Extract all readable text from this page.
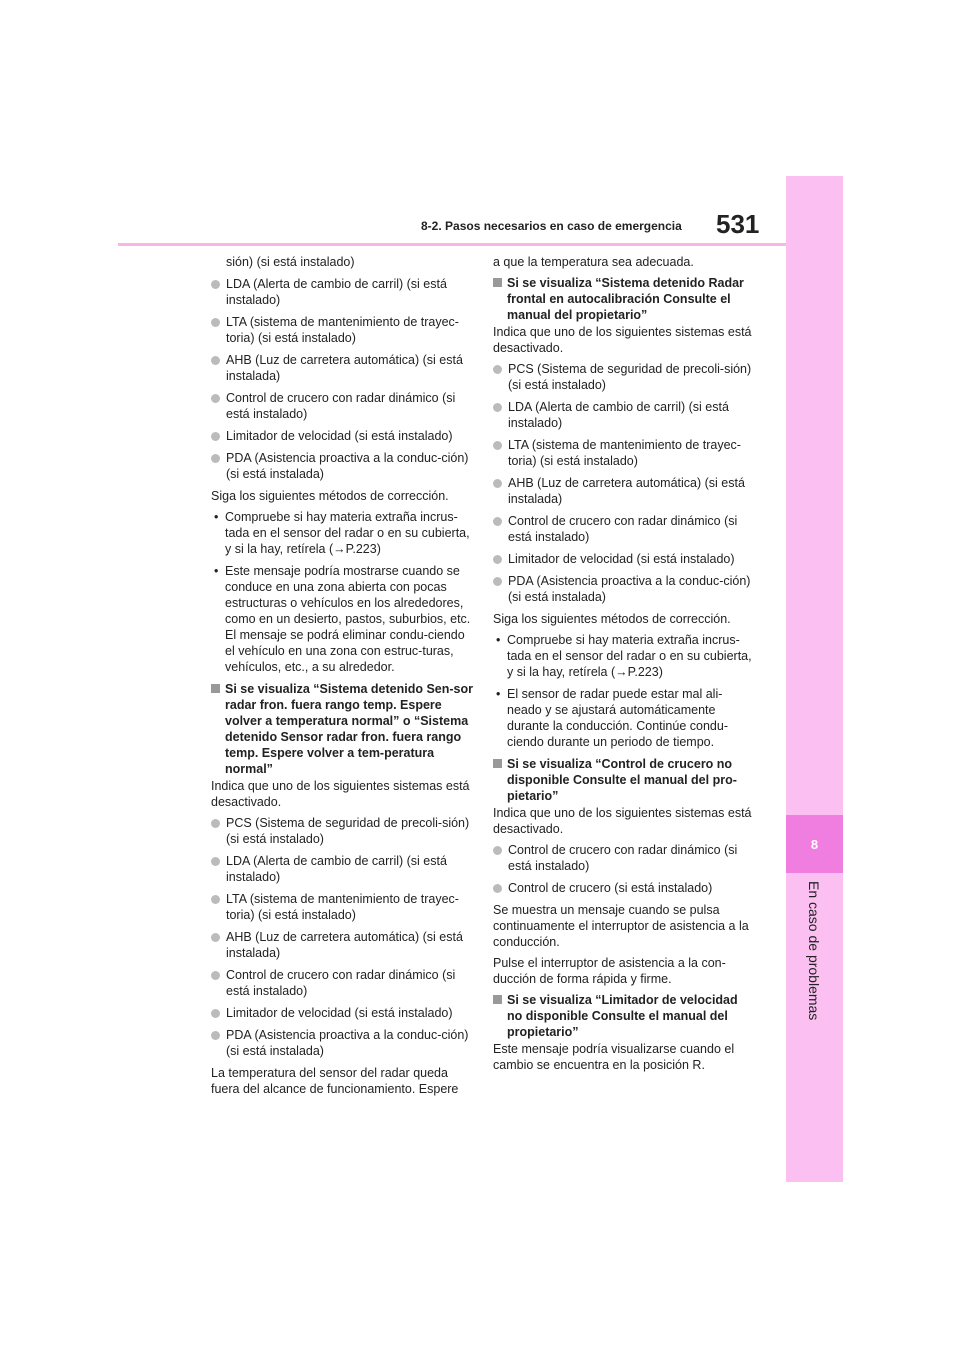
8
En caso de problemas
8-2. Pasos necesarios en caso de emergencia 531
sión) (si está instalado)
LDA (Alerta de cambio de carril) (si está instalado)
LTA (sistema de mantenimiento de trayec-toria) (si está instalado)
AHB (Luz de carretera automática) (si está instalada)
Control de crucero con radar dinámico (si está instalado)
Limitador de velocidad (si está instalado)
PDA (Asistencia proactiva a la conduc-ción) (si está instalada)
Siga los siguientes métodos de corrección.
• Compruebe si hay materia extraña incrus-tada en el sensor del radar o en su cubierta, y si la hay, retírela (→P.223)
• Este mensaje podría mostrarse cuando se conduce en una zona abierta con pocas estructuras o vehículos en los alrededores, como en un desierto, pastos, suburbios, etc. El mensaje se podrá eliminar condu-ciendo el vehículo en una zona con estruc-turas, vehículos, etc., a su alrededor.
Si se visualiza “Sistema detenido Sen-sor radar fron. fuera rango temp. Espere volver a temperatura normal” o “Sistema detenido Sensor radar fron. fuera rango temp. Espere volver a tem-peratura normal”
Indica que uno de los siguientes sistemas está desactivado.
PCS (Sistema de seguridad de precoli-sión) (si está instalado)
LDA (Alerta de cambio de carril) (si está instalado)
LTA (sistema de mantenimiento de trayec-toria) (si está instalado)
AHB (Luz de carretera automática) (si está instalada)
Control de crucero con radar dinámico (si está instalado)
Limitador de velocidad (si está instalado)
PDA (Asistencia proactiva a la conduc-ción) (si está instalada)
La temperatura del sensor del radar queda fuera del alcance de funcionamiento. Espere
a que la temperatura sea adecuada.
Si se visualiza “Sistema detenido Radar frontal en autocalibración Consulte el manual del propietario”
Indica que uno de los siguientes sistemas está desactivado.
PCS (Sistema de seguridad de precoli-sión) (si está instalado)
LDA (Alerta de cambio de carril) (si está instalado)
LTA (sistema de mantenimiento de trayec-toria) (si está instalado)
AHB (Luz de carretera automática) (si está instalada)
Control de crucero con radar dinámico (si está instalado)
Limitador de velocidad (si está instalado)
PDA (Asistencia proactiva a la conduc-ción) (si está instalada)
Siga los siguientes métodos de corrección.
• Compruebe si hay materia extraña incrus-tada en el sensor del radar o en su cubierta, y si la hay, retírela (→P.223)
• El sensor de radar puede estar mal ali-neado y se ajustará automáticamente durante la conducción. Continúe condu-ciendo durante un periodo de tiempo.
Si se visualiza “Control de crucero no disponible Consulte el manual del pro-pietario”
Indica que uno de los siguientes sistemas está desactivado.
Control de crucero con radar dinámico (si está instalado)
Control de crucero (si está instalado)
Se muestra un mensaje cuando se pulsa continuamente el interruptor de asistencia a la conducción.
Pulse el interruptor de asistencia a la con-ducción de forma rápida y firme.
Si se visualiza “Limitador de velocidad no disponible Consulte el manual del propietario”
Este mensaje podría visualizarse cuando el cambio se encuentra en la posición R.
